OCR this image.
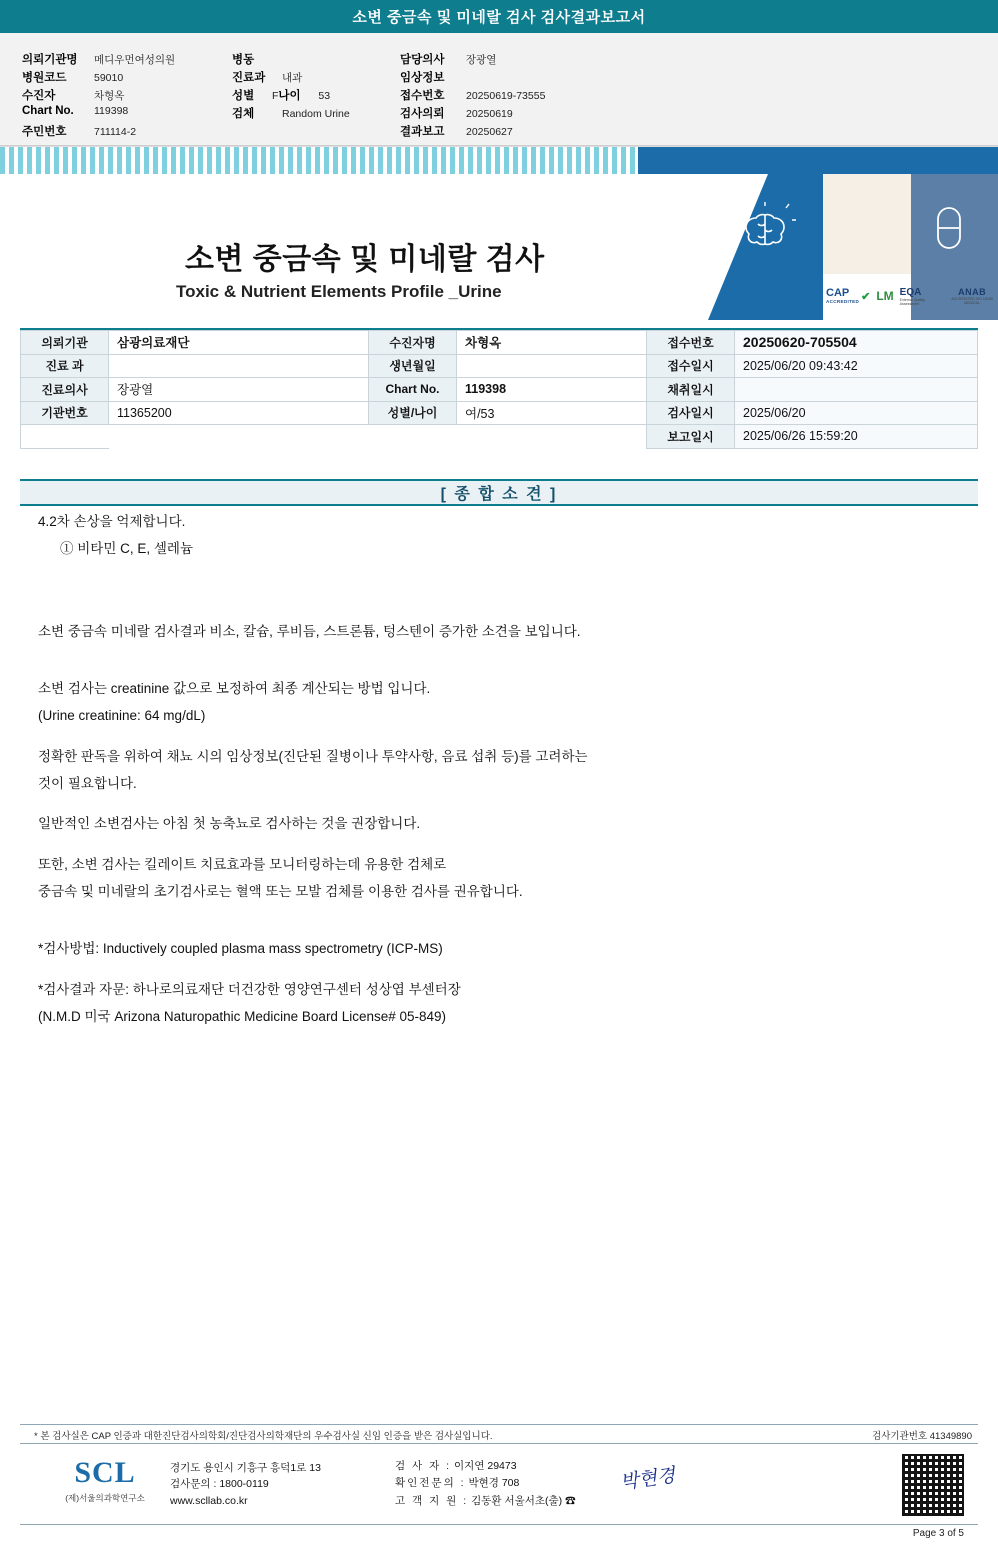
소변 중금속 및 미네랄 검사 검사결과보고서
의뢰기관명	메디우먼여성의원
병원코드	59010
수진자	차형옥
Chart No.	119398
주민번호	711114-2
병동
진료과	내과
성별	F 나이	53
검체	Random Urine
담당의사	장광열
임상정보
접수번호	20250619-73555
검사의뢰	20250619
결과보고	20250627
소변 중금속 및 미네랄 검사
Toxic & Nutrient Elements Profile _Urine	CAP
ACCREDITED ✔ LM EQA
External Quality Assessment
ANAB
ACCREDITED ISO 15189 MEDICAL
의뢰기관	삼광의료재단	수진자명	차형옥	접수번호	20250620-705504
진료 과		생년월일		접수일시	2025/06/20 09:43:42
진료의사	장광열	Chart No.	119398	채취일시	
기관번호	11365200	성별/나이	여/53	검사일시	2025/06/20
				보고일시	2025/06/26 15:59:20
[ 종 합 소 견 ]

4.2차 손상을 억제합니다.

① 비타민 C, E, 셀레늄

소변 중금속 미네랄 검사결과 비소, 칼슘, 루비듬, 스트론튬, 텅스텐이 증가한 소견을 보입니다.

소변 검사는 creatinine 값으로 보정하여 최종 계산되는 방법 입니다.

(Urine creatinine: 64 mg/dL)

정확한 판독을 위하여 채뇨 시의 임상정보(진단된 질병이나 투약사항, 음료 섭취 등)를 고려하는

것이 필요합니다.

일반적인 소변검사는 아침 첫 농축뇨로 검사하는 것을 권장합니다.

또한, 소변 검사는 킬레이트 치료효과를 모니터링하는데 유용한 검체로

중금속 및 미네랄의 초기검사로는 혈액 또는 모발 검체를 이용한 검사를 권유합니다.

*검사방법: Inductively coupled plasma mass spectrometry (ICP-MS)

*검사결과 자문: 하나로의료재단 더건강한 영양연구센터 성상엽 부센터장

(N.M.D 미국 Arizona Naturopathic Medicine Board License# 05-849)

* 본 검사실은 CAP 인증과 대한진단검사의학회/진단검사의학재단의 우수검사실 신임 인증을 받은 검사실입니다.	검사기관번호 41349890
SCL
(제)서울의과학연구소
경기도 용인시 기흥구 흥덕1로 13
검사문의 : 1800-0119
www.scllab.co.kr
검 사 자 : 이지연 29473
확인전문의 : 박현경 708
고 객 지 원 : 김동환 서울서초(출) ☎
박현경
Page 3 of 5
